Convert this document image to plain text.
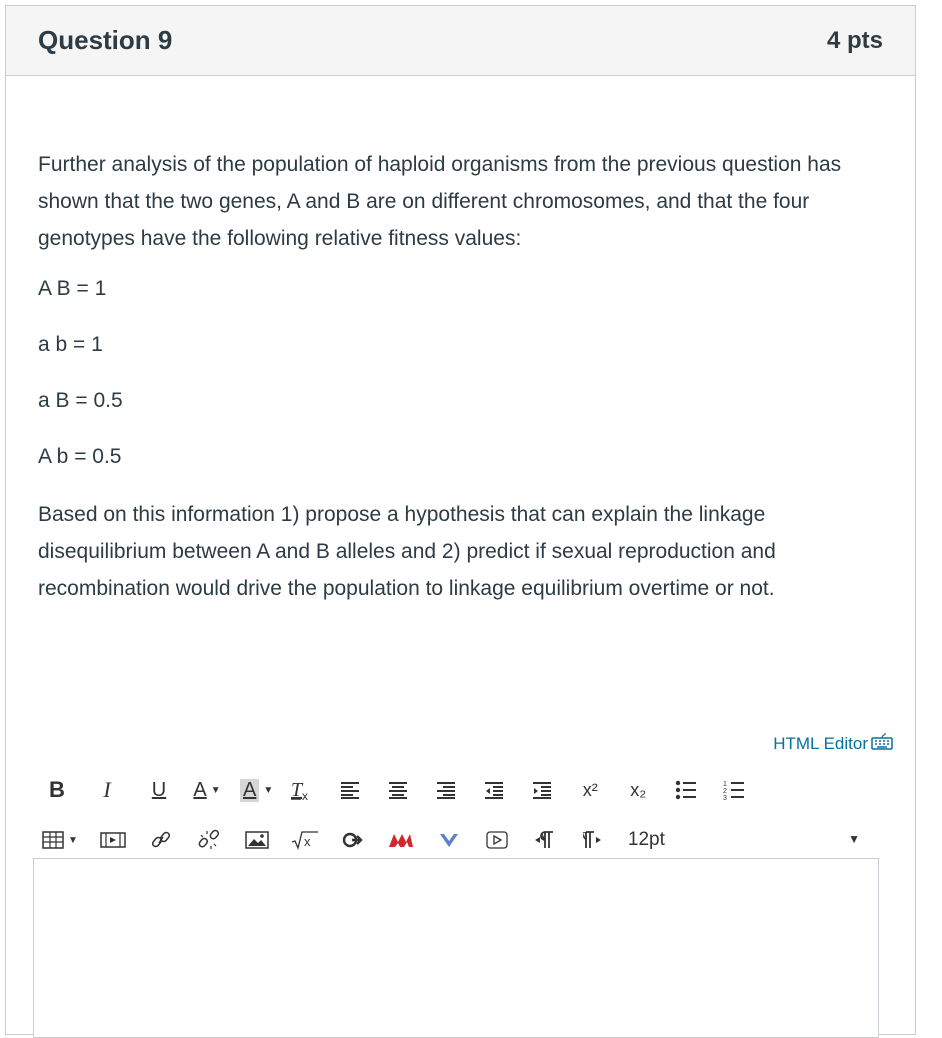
Question 9	4 pts

Further analysis of the population of haploid organisms from the previous question has shown that the two genes, A and B are on different chromosomes, and that the four genotypes have the following relative fitness values:

A B = 1

a b = 1

a B = 0.5

A b = 0.5

Based on this information 1) propose a hypothesis that can explain the linkage disequilibrium between A and B alleles and 2) predict if sexual reproduction and recombination would drive the population to linkage equilibrium overtime or not.

HTML Editor
B	I	U	A ▼ A ▼ T x	x²	x₂	1
2
3
▼	x	12pt	▼
